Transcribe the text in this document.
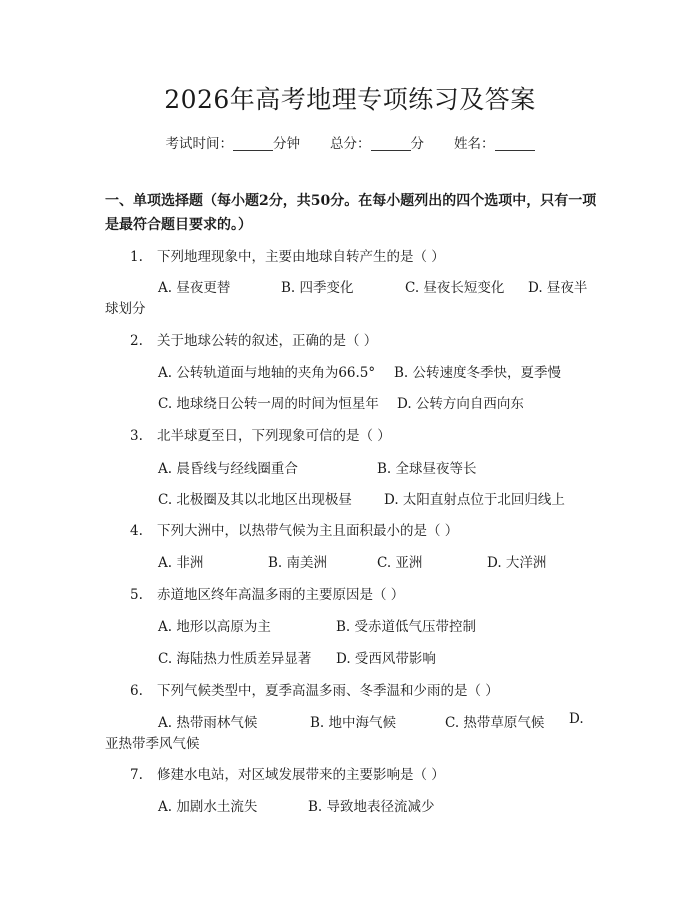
2026年高考地理专项练习及答案
考试时间：	分钟 总分：	分 姓名：
一、单项选择题（每小题2分，共50分。在每小题列出的四个选项中，只有一项是最符合题目要求的。）
1. 下列地理现象中，主要由地球自转产生的是（ ）
A. 昼夜更替	B. 四季变化	C. 昼夜长短变化 D. 昼夜半
球划分
2. 关于地球公转的叙述，正确的是（ ）
A. 公转轨道面与地轴的夹角为66.5° B. 公转速度冬季快，夏季慢
C. 地球绕日公转一周的时间为恒星年 D. 公转方向自西向东
3. 北半球夏至日，下列现象可信的是（ ）
A. 晨昏线与经线圈重合	B. 全球昼夜等长
C. 北极圈及其以北地区出现极昼 D. 太阳直射点位于北回归线上
4. 下列大洲中，以热带气候为主且面积最小的是（ ）
A. 非洲	B. 南美洲	C. 亚洲	D. 大洋洲
5. 赤道地区终年高温多雨的主要原因是（ ）
A. 地形以高原为主	B. 受赤道低气压带控制
C. 海陆热力性质差异显著 D. 受西风带影响
6. 下列气候类型中，夏季高温多雨、冬季温和少雨的是（ ）
A. 热带雨林气候	B. 地中海气候	C. 热带草原气候 D.
亚热带季风气候
7. 修建水电站，对区域发展带来的主要影响是（ ）
A. 加剧水土流失	B. 导致地表径流减少
